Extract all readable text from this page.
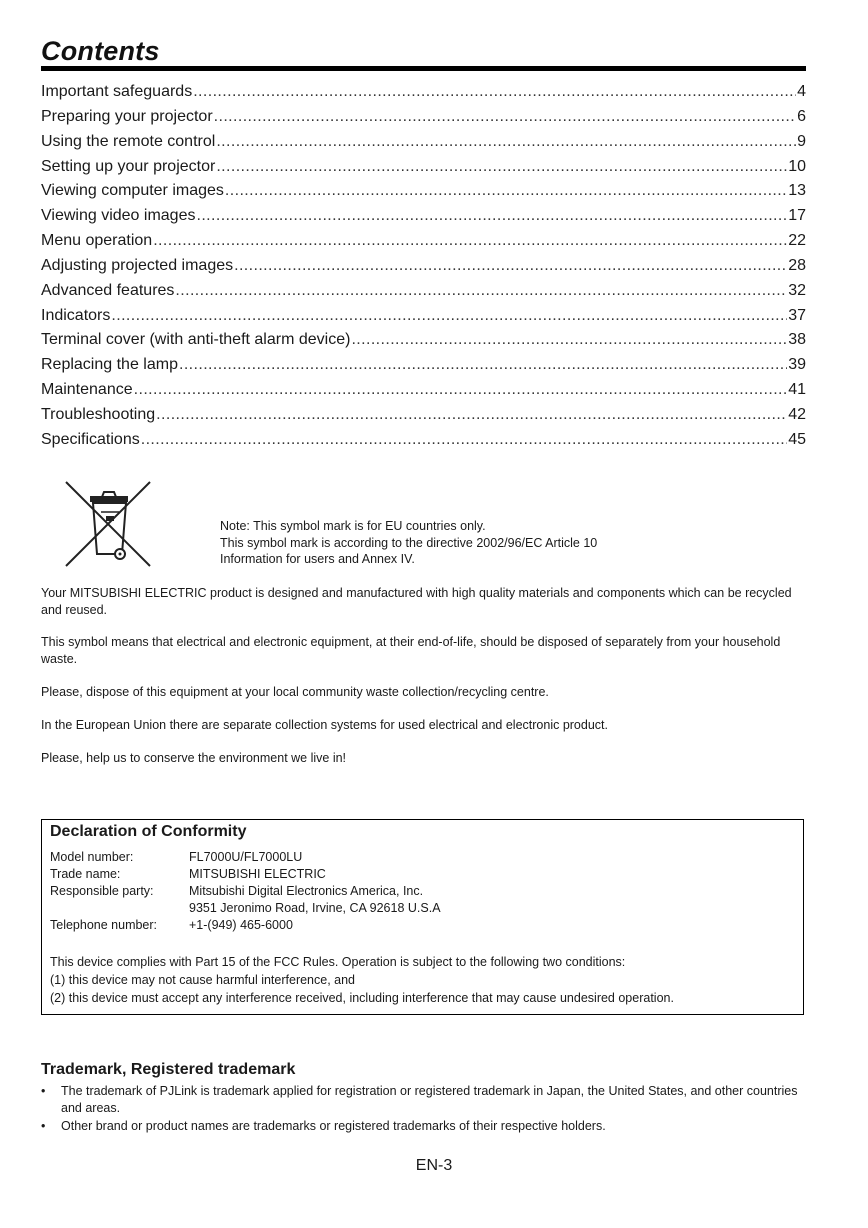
Contents
Important safeguards .....	4
Preparing your projector .....	6
Using the remote control .....	9
Setting up your projector .....	10
Viewing computer images .....	13
Viewing video images .....	17
Menu operation .....	22
Adjusting projected images .....	28
Advanced features .....	32
Indicators .....	37
Terminal cover (with anti-theft alarm device) .....	38
Replacing the lamp .....	39
Maintenance .....	41
Troubleshooting .....	42
Specifications .....	45
Note: This symbol mark is for EU countries only.
This symbol mark is according to the directive 2002/96/EC Article 10
Information for users and Annex IV.

Your MITSUBISHI ELECTRIC product is designed and manufactured with high quality materials and components which can be recycled and reused.

This symbol means that electrical and electronic equipment, at their end-of-life, should be disposed of separately from your household waste.

Please, dispose of this equipment at your local community waste collection/recycling centre.

In the European Union there are separate collection systems for used electrical and electronic product.

Please, help us to conserve the environment we live in!

Declaration of Conformity
Model number:	FL7000U/FL7000LU
Trade name:	MITSUBISHI ELECTRIC
Responsible party:	Mitsubishi Digital Electronics America, Inc.
9351 Jeronimo Road, Irvine, CA 92618 U.S.A
Telephone number:	+1-(949) 465-6000
This device complies with Part 15 of the FCC Rules. Operation is subject to the following two conditions:
(1) this device may not cause harmful interference, and
(2) this device must accept any interference received, including interference that may cause undesired operation.
Trademark, Registered trademark
• The trademark of PJLink is trademark applied for registration or registered trademark in Japan, the United States, and other countries and areas.
• Other brand or product names are trademarks or registered trademarks of their respective holders.
EN-3
